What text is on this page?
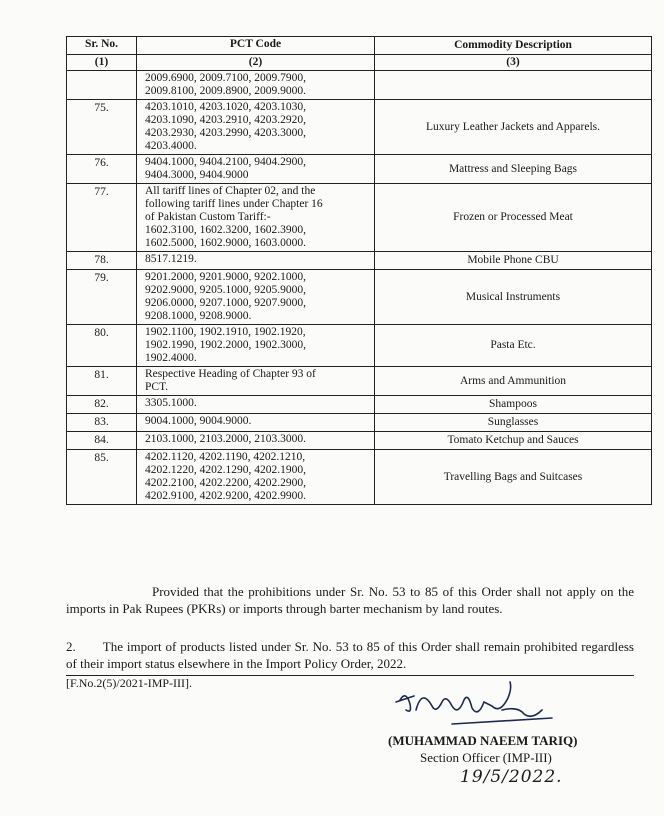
Sr. No.	PCT Code	Commodity Description
(1)	(2)	(3)

	2009.6900, 2009.7100, 2009.7900,
2009.8100, 2009.8900, 2009.9000.	

75.	4203.1010, 4203.1020, 4203.1030,
4203.1090, 4203.2910, 4203.2920,
4203.2930, 4203.2990, 4203.3000,
4203.4000.	Luxury Leather Jackets and Apparels.
76.	9404.1000, 9404.2100, 9404.2900,
9404.3000, 9404.9000	Mattress and Sleeping Bags
77.	All tariff lines of Chapter 02, and the
following tariff lines under Chapter 16
of Pakistan Custom Tariff:-
1602.3100, 1602.3200, 1602.3900,
1602.5000, 1602.9000, 1603.0000.	Frozen or Processed Meat
78.	8517.1219.	Mobile Phone CBU
79.	9201.2000, 9201.9000, 9202.1000,
9202.9000, 9205.1000, 9205.9000,
9206.0000, 9207.1000, 9207.9000,
9208.1000, 9208.9000.	Musical Instruments
80.	1902.1100, 1902.1910, 1902.1920,
1902.1990, 1902.2000, 1902.3000,
1902.4000.	Pasta Etc.
81.	Respective Heading of Chapter 93 of
PCT.	Arms and Ammunition
82.	3305.1000.	Shampoos
83.	9004.1000, 9004.9000.	Sunglasses
84.	2103.1000, 2103.2000, 2103.3000.	Tomato Ketchup and Sauces
85.	4202.1120, 4202.1190, 4202.1210,
4202.1220, 4202.1290, 4202.1900,
4202.2100, 4202.2200, 4202.2900,
4202.9100, 4202.9200, 4202.9900.	Travelling Bags and Suitcases
Provided that the prohibitions under Sr. No. 53 to 85 of this Order shall not apply on the imports in Pak Rupees (PKRs) or imports through barter mechanism by land routes.
2. The import of products listed under Sr. No. 53 to 85 of this Order shall remain prohibited regardless of their import status elsewhere in the Import Policy Order, 2022.
[F.No.2(5)/2021-IMP-III].
(MUHAMMAD NAEEM TARIQ)
Section Officer (IMP-III)
19/5/2022.
